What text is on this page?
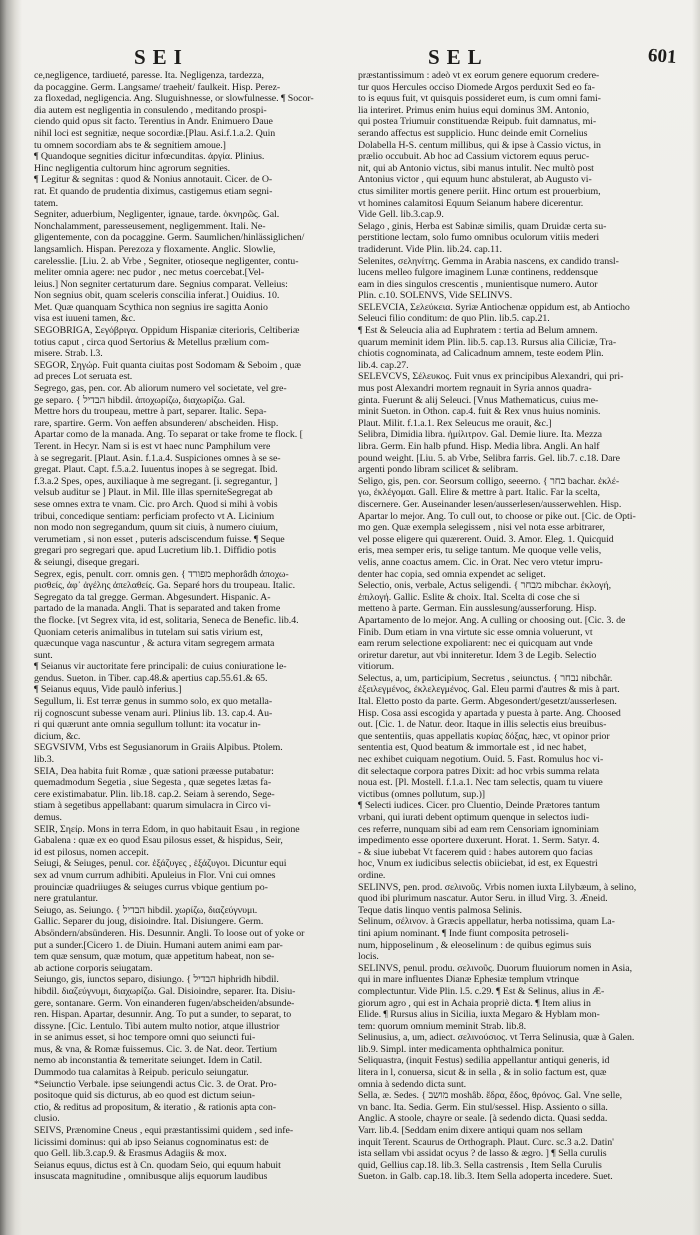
SEI	SEL	601
ce,negligence, tardiueté, paresse. Ita. Negligenza, tardezza,
da pocaggine. Germ. Langsame/ traeheit/ faulkeit. Hisp. Perez-
za floxedad, negligencia. Ang. Sluguishnesse, or slowfulnesse. ¶ Socor-
dia autem est negligentia in consulendo , meditando prospi-
ciendo quid opus sit facto. Terentius in Andr. Enimuero Daue
nihil loci est segnitiæ, neque socordiæ.[Plau. Asi.f.1.a.2. Quin
tu omnem socordiam abs te & segnitiem amoue.]
¶ Quandoque segnities dicitur infœcunditas. ἀργία. Plinius.
Hinc negligentia cultorum hinc agrorum segnities.
¶ Legitur & segnitas : quod & Nonius annotauit. Cicer. de O-
rat. Et quando de prudentia diximus, castigemus etiam segni-
tatem.
Segniter, aduerbium, Negligenter, ignaue, tarde. ὀκνηρῶς. Gal.
Nonchalamment, paresseusement, negligemment. Itali. Ne-
gligentemente, con da pocaggine. Germ. Saumlichen/hinlässiglichen/
langsamlich. Hispan. Perezoza y floxamente. Anglic. Slowlie,
carelesslie. [Liu. 2. ab Vrbe , Segniter, otioseque negligenter, contu-
meliter omnia agere: nec pudor , nec metus coercebat.[Vel-
leius.] Non segniter certaturum dare. Segnius comparat. Velleius:
Non segnius obit, quam sceleris conscilia inferat.] Ouidius. 10.
Met. Quæ quanquam Scythica non segnius ire sagitta Aonio
visa est iuueni tamen, &c.
SEGOBRIGA, Σεγόβριγα. Oppidum Hispaniæ citerioris, Celtiberiæ
totius caput , circa quod Sertorius & Metellus prælium com-
misere. Strab. l.3.
SEGOR, Σηγώρ. Fuit quanta ciuitas post Sodomam & Seboim , quæ
ad preces Lot seruata est.
Segrego, gas, pen. cor. Ab aliorum numero vel societate, vel gre-
ge separo. { הבדיל hibdil. ἀποχωρίζω, διαχωρίζω. Gal.
Mettre hors du troupeau, mettre à part, separer. Italic. Sepa-
rare, spartire. Germ. Von aeffen absunderen/ abscheiden. Hisp.
Apartar como de la manada. Ang. To separat or take frome te flock. [
Terent. in Hecyr. Nam si is est vt haec nunc Pamphilum vere
à se segregarit. [Plaut. Asin. f.1.a.4. Suspiciones omnes à se se-
gregat. Plaut. Capt. f.5.a.2. Iuuentus inopes à se segregat. Ibid.
f.3.a.2 Spes, opes, auxiliaque à me segregant. [i. segregantur, ]
velsub auditur se ] Plaut. in Mil. Ille illas sperniteSegregat ab
sese omnes extra te vnam. Cic. pro Arch. Quod si mihi à vobis
tribui, concedique sentiam: perficiam profecto vt A. Licinium
non modo non segregandum, quum sit ciuis, à numero ciuium,
verumetiam , si non esset , puteris adsciscendum fuisse. ¶ Seque
gregari pro segregari que. apud Lucretium lib.1. Diffidio potis
& seiungi, diseque gregari.
Segrex, egis, penult. corr. omnis gen. { מפורד mephorâdh ἀποχω-
ρισθείς, ἀφ᾽ ἀγέλης ἀπελαθείς. Ga. Separé hors du troupeau. Italic.
Segregato da tal gregge. German. Abgesundert. Hispanic. A-
partado de la manada. Angli. That is separated and taken frome
the flocke. [vt Segrex vita, id est, solitaria, Seneca de Benefic. lib.4.
Quoniam ceteris animalibus in tutelam sui satis virium est,
quæcunque vaga nascuntur , & actura vitam segregem armata
sunt.
¶ Seianus vir auctoritate fere principali: de cuius coniuratione le-
gendus. Sueton. in Tiber. cap.48.& apertius cap.55.61.& 65.
¶ Seianus equus, Vide paulò inferius.]
Segullum, li. Est terræ genus in summo solo, ex quo metalla-
rij cognoscunt subesse venam auri. Plinius lib. 13. cap.4. Au-
ri qui quærunt ante omnia segullum tollunt: ita vocatur in-
dicium, &c.
SEGVSIVM, Vrbs est Segusianorum in Graiis Alpibus. Ptolem.
lib.3.
SEIA, Dea habita fuit Romæ , quæ sationi præesse putabatur:
quemadmodum Segetia , siue Segesta , quæ segetes lætas fa-
cere existimabatur. Plin. lib.18. cap.2. Seiam à serendo, Sege-
stiam à segetibus appellabant: quarum simulacra in Circo vi-
demus.
SEIR, Σηείρ. Mons in terra Edom, in quo habitauit Esau , in regione
Gabalena : quæ ex eo quod Esau pilosus esset, & hispidus, Seir,
id est pilosus, nomen accepit.
Seiugi, & Seiuges, penul. cor. ἑξάζυγες , ἑξάζυγοι. Dicuntur equi
sex ad vnum currum adhibiti. Apuleius in Flor. Vni cui omnes
prouinciæ quadriiuges & seiuges currus vbique gentium po-
nere gratulantur.
Seiugo, as. Seiungo. { הבדיל hibdil. χωρίζω, διαζεύγνυμι.
Gallic. Separer du joug, disioindre. Ital. Disiungere. Germ.
Absöndern/absünderen. His. Desunnir. Angli. To loose out of yoke or
put a sunder.[Cicero 1. de Diuin. Humani autem animi eam par-
tem quæ sensum, quæ motum, quæ appetitum habeat, non se-
ab actione corporis seiugatam.
Seiungo, gis, iunctos separo, disiungo. { הבדיל hiphridh hibdil.
hibdil. διαζεύγνυμι, διαχωρίζω. Gal. Disioindre, separer. Ita. Disiu-
gere, sontanare. Germ. Von einanderen fugen/abscheiden/absunde-
ren. Hispan. Apartar, desunnir. Ang. To put a sunder, to separat, to
dissyne. [Cic. Lentulo. Tibi autem multo notior, atque illustrior
in se animus esset, si hoc tempore omni quo seiuncti fui-
mus, & vna, & Romæ fuissemus. Cic. 3. de Nat. deor. Tertium
nemo ab inconstantia & temeritate seiunget. Idem in Catil.
Dummodo tua calamitas à Reipub. periculo seiungatur.
*Seiunctio Verbale. ipse seiungendi actus Cic. 3. de Orat. Pro-
positoque quid sis dicturus, ab eo quod est dictum seiun-
ctio, & reditus ad propositum, & iteratio , & rationis apta con-
clusio.
SEIVS, Prænomine Cneus , equi præstantissimi quidem , sed infe-
licissimi dominus: qui ab ipso Seianus cognominatus est: de
quo Gell. lib.3.cap.9. & Erasmus Adagiis & mox.
Seianus equus, dictus est à Cn. quodam Seio, qui equum habuit
insuscata magnitudine , omnibusque alijs equorum laudibus
præstantissimum : adeò vt ex eorum genere equorum credere-
tur quos Hercules occiso Diomede Argos perduxit Sed eo fa-
to is equus fuit, vt quisquis possideret eum, is cum omni fami-
lia interiret. Primus enim huius equi dominus 3M. Antonio,
qui postea Triumuir constituendæ Reipub. fuit damnatus, mi-
serando affectus est supplicio. Hunc deinde emit Cornelius
Dolabella H-S. centum millibus, qui & ipse à Cassio victus, in
prælio occubuit. Ab hoc ad Cassium victorem equus peruc-
nit, qui ab Antonio victus, sibi manus intulit. Nec multò post
Antonius victor , qui equum hunc abstulerat, ab Augusto vi-
ctus similiter mortis genere periit. Hinc ortum est prouerbium,
vt homines calamitosi Equum Seianum habere dicerentur.
Vide Gell. lib.3.cap.9.
Selago , ginis, Herba est Sabinæ similis, quam Druidæ certa su-
perstitione lectam, solo fumo omnibus oculorum vitiis mederi
tradiderunt. Vide Plin. lib.24. cap.11.
Selenites, σεληνίτης. Gemma in Arabia nascens, ex candido transl-
lucens melleo fulgore imaginem Lunæ continens, reddensque
eam in dies singulos crescentis , munientisque numero. Autor
Plin. c.10. SOLENVS, Vide SELINVS.
SELEVCIA, Σελεύκεια. Syriæ Antiochenæ oppidum est, ab Antiocho
Seleuci filio conditum: de quo Plin. lib.5. cap.21.
¶ Est & Seleucia alia ad Euphratem : tertia ad Belum amnem.
quarum meminit idem Plin. lib.5. cap.13. Rursus alia Ciliciæ, Tra-
chiotis cognominata, ad Calicadnum amnem, teste eodem Plin.
lib.4. cap.27.
SELEVCVS, Σέλευκος. Fuit vnus ex principibus Alexandri, qui pri-
mus post Alexandri mortem regnauit in Syria annos quadra-
ginta. Fuerunt & alij Seleuci. [Vnus Mathematicus, cuius me-
minit Sueton. in Othon. cap.4. fuit & Rex vnus huius nominis.
Plaut. Milit. f.1.a.1. Rex Seleucus me orauit, &c.]
Selibra, Dimidia libra. ἡμίλιτρον. Gal. Demie liure. Ita. Mezza
libra. Germ. Ein halb pfund. Hisp. Media libra. Angli. An half
pound weight. [Liu. 5. ab Vrbe, Selibra farris. Gel. lib.7. c.18. Dare
argenti pondo libram scilicet & selibram.
Seligo, gis, pen. cor. Seorsum colligo, seeerno. { בחר bachar. ἐκλέ-
γω, ἐκλέγομαι. Gall. Elire & mettre à part. Italic. Far la scelta,
discernere. Ger. Auseinander lesen/ausserlesen/ausserwehlen. Hisp.
Apartar lo mejor. Ang. To cull out, to choose or pike out. [Cic. de Opti-
mo gen. Quæ exempla selegissem , nisi vel nota esse arbitrarer,
vel posse eligere qui quærerent. Ouid. 3. Amor. Eleg. 1. Quicquid
eris, mea semper eris, tu selige tantum. Me quoque velle velis,
velis, anne coactus amem. Cic. in Orat. Nec vero vtetur impru-
denter hac copia, sed omnia expendet ac seliget.
Selectio, onis, verbale, Actus seligendi. { מבחר mibchar. ἐκλογή,
ἐπιλογή. Gallic. Eslite & choix. Ital. Scelta di cose che si
metteno à parte. German. Ein ausslesung/ausserforung. Hisp.
Apartamento de lo mejor. Ang. A culling or choosing out. [Cic. 3. de
Finib. Dum etiam in vna virtute sic esse omnia voluerunt, vt
eam rerum selectione expoliarent: nec ei quicquam aut vnde
oriretur daretur, aut vbi inniteretur. Idem 3 de Legib. Selectio
vitiorum.
Selectus, a, um, participium, Secretus , seiunctus. { נבחר nibchâr.
ἐξειλεγμένος, ἐκλελεγμένος. Gal. Eleu parmi d'autres & mis à part.
Ital. Eletto posto da parte. Germ. Abgesondert/gesetzt/ausserlesen.
Hisp. Cosa assi escogida y apartada y puesta à parte. Ang. Choosed
out. [Cic. 1. de Natur. deor. Itaque in illis selectis eius breuibus-
que sententiis, quas appellatis κυρίας δόξας, hæc, vt opinor prior
sententia est, Quod beatum & immortale est , id nec habet,
nec exhibet cuiquam negotium. Ouid. 5. Fast. Romulus hoc vi-
dit selectaque corpora patres Dixit: ad hoc vrbis summa relata
noua est. [Pl. Mostell. f.1.a.1. Nec tam selectis, quam tu viuere
victibus (omnes pollutum, sup.)]
¶ Selecti iudices. Cicer. pro Cluentio, Deinde Prætores tantum
vrbani, qui iurati debent optimum quenque in selectos iudi-
ces referre, nunquam sibi ad eam rem Censoriam ignominiam
impedimento esse oportere duxerunt. Horat. 1. Serm. Satyr. 4.
- & siue iubebat Vt facerem quid : habes autorem quo facias
hoc, Vnum ex iudicibus selectis obiiciebat, id est, ex Equestri
ordine.
SELINVS, pen. prod. σελινοῦς. Vrbis nomen iuxta Lilybæum, à selino,
quod ibi plurimum nascatur. Autor Seru. in illud Virg. 3. Æneid.
Teque datis linquo ventis palmosa Selinis.
Selinum, σέλινον. à Græcis appellatur, herba notissima, quam La-
tini apium nominant. ¶ Inde fiunt composita petroseli-
num, hipposelinum , & eleoselinum : de quibus egimus suis
locis.
SELINVS, penul. produ. σελινοῦς. Duorum fluuiorum nomen in Asia,
qui in mare influentes Dianæ Ephesiæ templum vtrinque
complectuntur. Vide Plin. l.5. c.29. ¶ Est & Selinus, alius in Æ-
giorum agro , qui est in Achaia propriè dicta. ¶ Item alius in
Elide. ¶ Rursus alius in Sicilia, iuxta Megaro & Hyblam mon-
tem: quorum omnium meminit Strab. lib.8.
Selinusius, a, um, adiect. σελινούσιος. vt Terra Selinusia, quæ à Galen.
lib.9. Simpl. inter medicamenta ophthalmica ponitur.
Seliquastra, (inquit Festus) sedilia appellantur antiqui generis, id
litera in l, conuersa, sicut & in sella , & in solio factum est, quæ
omnia à sedendo dicta sunt.
Sella, æ. Sedes. { מושב moshâb. ἕδρα, ἕδος, θρόνος. Gal. Vne selle,
vn banc. Ita. Sedia. Germ. Ein stul/sessel. Hisp. Assiento o silla.
Anglic. A stoole, chayre or seale. [à sedendo dicta. Quasi sedda.
Varr. lib.4. [Seddam enim dixere antiqui quam nos sellam
inquit Terent. Scaurus de Orthograph. Plaut. Curc. sc.3 a.2. Datin'
ista sellam vbi assidat ocyus ? de lasso & ægro. ] ¶ Sella curulis
quid, Gellius cap.18. lib.3. Sella castrensis , Item Sella Curulis
Sueton. in Galb. cap.18. lib.3. Item Sella adoperta incedere. Suet.
